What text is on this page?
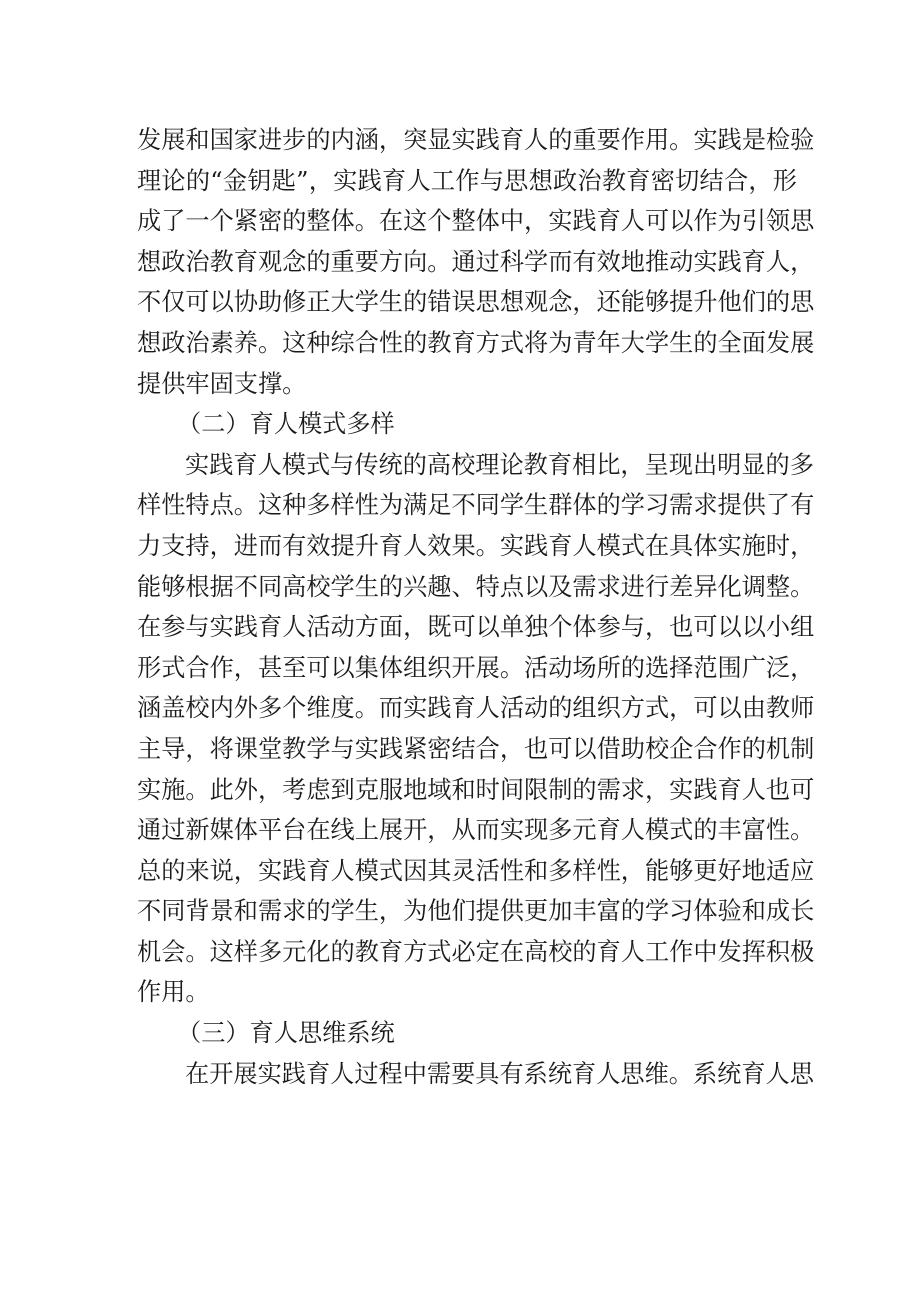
发展和国家进步的内涵，突显实践育人的重要作用。实践是检验
理论的“金钥匙”，实践育人工作与思想政治教育密切结合，形
成了一个紧密的整体。在这个整体中，实践育人可以作为引领思
想政治教育观念的重要方向。通过科学而有效地推动实践育人，
不仅可以协助修正大学生的错误思想观念，还能够提升他们的思
想政治素养。这种综合性的教育方式将为青年大学生的全面发展
提供牢固支撑。
（二）育人模式多样
实践育人模式与传统的高校理论教育相比，呈现出明显的多
样性特点。这种多样性为满足不同学生群体的学习需求提供了有
力支持，进而有效提升育人效果。实践育人模式在具体实施时，
能够根据不同高校学生的兴趣、特点以及需求进行差异化调整。
在参与实践育人活动方面，既可以单独个体参与，也可以以小组
形式合作，甚至可以集体组织开展。活动场所的选择范围广泛，
涵盖校内外多个维度。而实践育人活动的组织方式，可以由教师
主导，将课堂教学与实践紧密结合，也可以借助校企合作的机制
实施。此外，考虑到克服地域和时间限制的需求，实践育人也可
通过新媒体平台在线上展开，从而实现多元育人模式的丰富性。
总的来说，实践育人模式因其灵活性和多样性，能够更好地适应
不同背景和需求的学生，为他们提供更加丰富的学习体验和成长
机会。这样多元化的教育方式必定在高校的育人工作中发挥积极
作用。
（三）育人思维系统
在开展实践育人过程中需要具有系统育人思维。系统育人思
